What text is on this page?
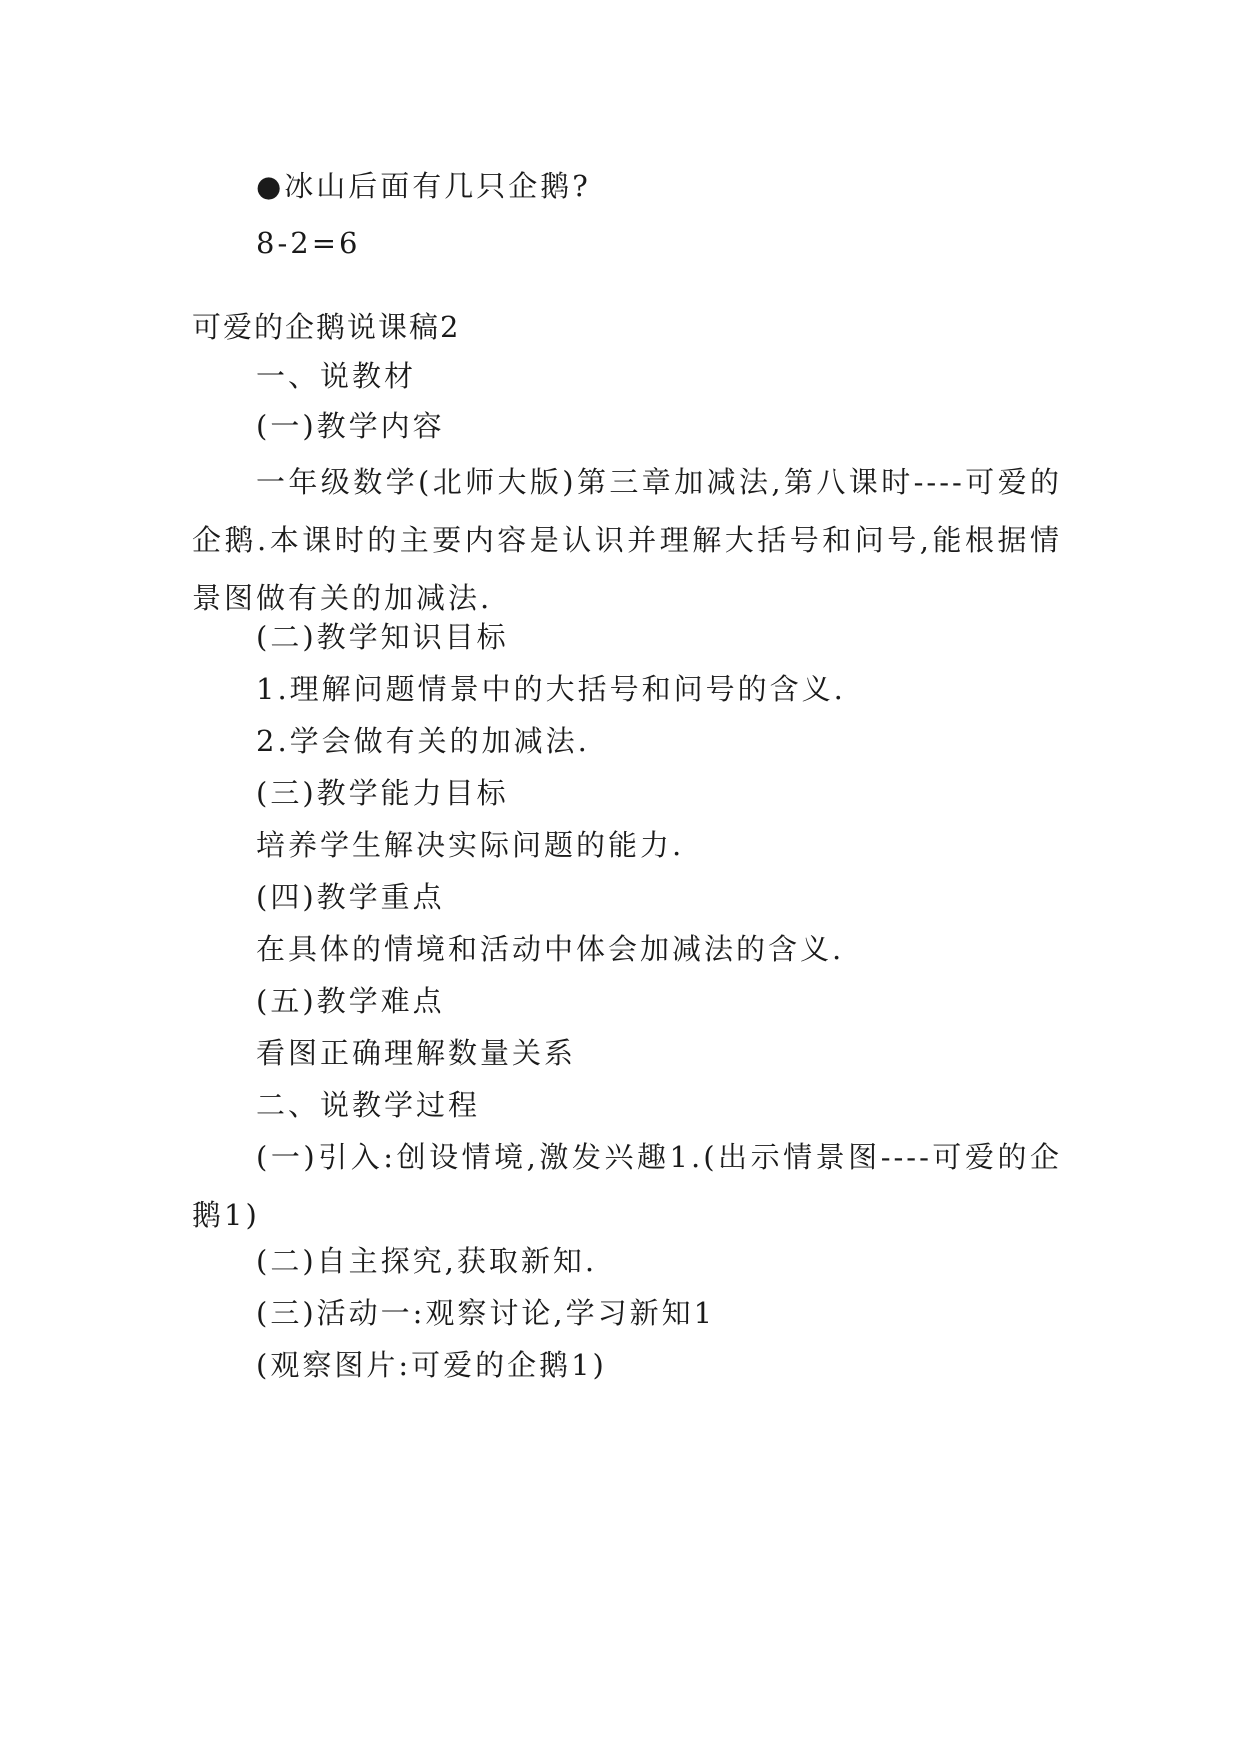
●冰山后面有几只企鹅?

8-2=6

可爱的企鹅说课稿2

一、说教材

(一)教学内容

一年级数学(北师大版)第三章加减法,第八课时----可爱的企鹅.本课时的主要内容是认识并理解大括号和问号,能根据情景图做有关的加减法.

(二)教学知识目标

1.理解问题情景中的大括号和问号的含义.

2.学会做有关的加减法.

(三)教学能力目标

培养学生解决实际问题的能力.

(四)教学重点

在具体的情境和活动中体会加减法的含义.

(五)教学难点

看图正确理解数量关系

二、说教学过程

(一)引入:创设情境,激发兴趣1.(出示情景图----可爱的企鹅1)

(二)自主探究,获取新知.

(三)活动一:观察讨论,学习新知1

(观察图片:可爱的企鹅1)
